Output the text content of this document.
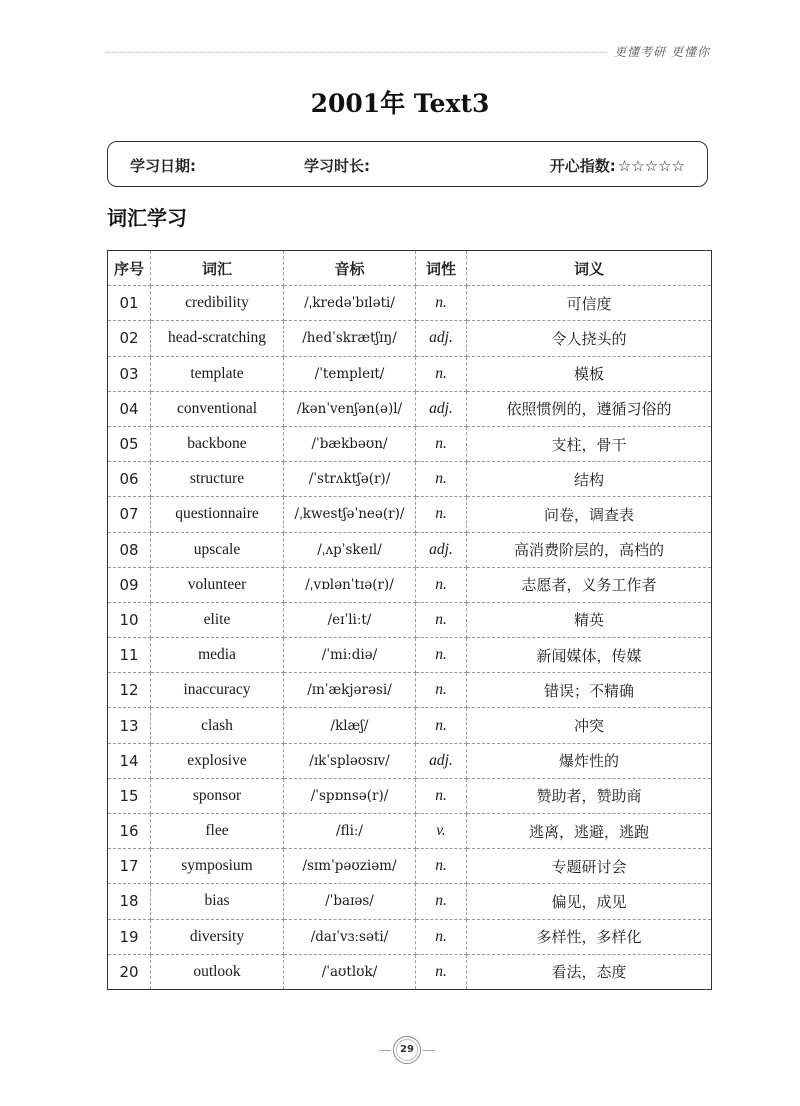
更懂考研 更懂你
2001年 Text3
学习日期:	学习时长:	开心指数: ☆☆☆☆☆
词汇学习
序号	词汇	音标	词性	词义
01	credibility	/ˌkredəˈbɪləti/	n.	可信度
02	head-scratching	/hedˈskrætʃɪŋ/	adj.	令人挠头的
03	template	/ˈtempleɪt/	n.	模板
04	conventional	/kənˈvenʃən(ə)l/	adj.	依照惯例的，遵循习俗的
05	backbone	/ˈbækbəʊn/	n.	支柱，骨干
06	structure	/ˈstrʌktʃə(r)/	n.	结构
07	questionnaire	/ˌkwestʃəˈneə(r)/	n.	问卷，调查表
08	upscale	/ˌʌpˈskeɪl/	adj.	高消费阶层的，高档的
09	volunteer	/ˌvɒlənˈtɪə(r)/	n.	志愿者，义务工作者
10	elite	/eɪˈliːt/	n.	精英
11	media	/ˈmiːdiə/	n.	新闻媒体，传媒
12	inaccuracy	/ɪnˈækjərəsi/	n.	错误；不精确
13	clash	/klæʃ/	n.	冲突
14	explosive	/ɪkˈspləʊsɪv/	adj.	爆炸性的
15	sponsor	/ˈspɒnsə(r)/	n.	赞助者，赞助商
16	flee	/fliː/	v.	逃离，逃避，逃跑
17	symposium	/sɪmˈpəʊziəm/	n.	专题研讨会
18	bias	/ˈbaɪəs/	n.	偏见，成见
19	diversity	/daɪˈvɜːsəti/	n.	多样性，多样化
20	outlook	/ˈaʊtlʊk/	n.	看法，态度
29
